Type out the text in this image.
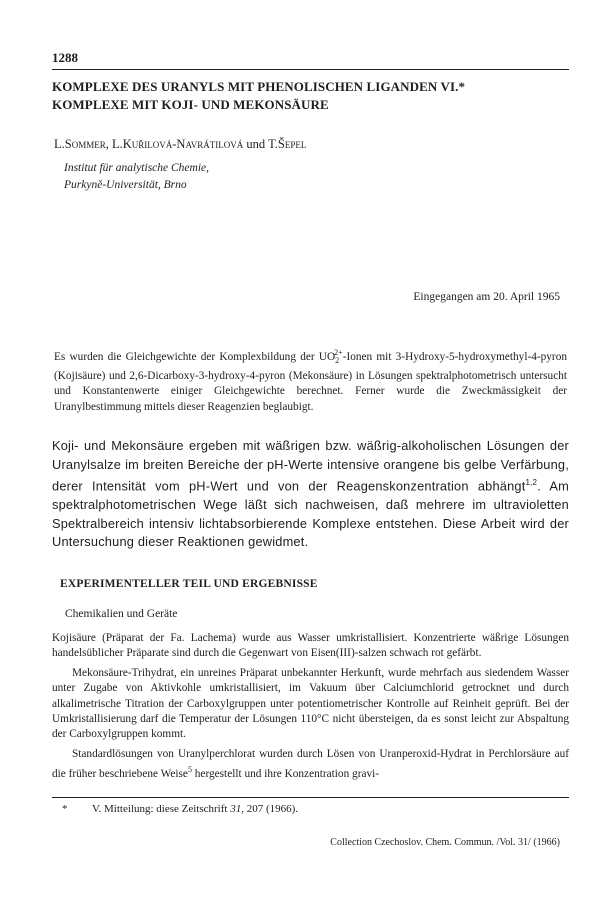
1288
KOMPLEXE DES URANYLS MIT PHENOLISCHEN LIGANDEN VI.*
KOMPLEXE MIT KOJI- UND MEKONSÄURE
L.Sommer, L.Kuřilová-Navrátilová und T.Šepel
Institut für analytische Chemie,
Purkyně-Universität, Brno
Eingegangen am 20. April 1965
Es wurden die Gleichgewichte der Komplexbildung der $UO_2^{2+}$-Ionen mit 3-Hydroxy-5-hydroxymethyl-4-pyron (Kojisäure) und 2,6-Dicarboxy-3-hydroxy-4-pyron (Mekonsäure) in Lösungen spektralphotometrisch untersucht und Konstantenwerte einiger Gleichgewichte berechnet. Ferner wurde die Zweckmässigkeit der Uranylbestimmung mittels dieser Reagenzien beglaubigt.
Koji- und Mekonsäure ergeben mit wäßrigen bzw. wäßrig-alkoholischen Lösungen der Uranylsalze im breiten Bereiche der pH-Werte intensive orangene bis gelbe Verfärbung, derer Intensität vom pH-Wert und von der Reagenskonzentration abhängt$^{1,2}$. Am spektralphotometrischen Wege läßt sich nachweisen, daß mehrere im ultravioletten Spektralbereich intensiv lichtabsorbierende Komplexe entstehen. Diese Arbeit wird der Untersuchung dieser Reaktionen gewidmet.
EXPERIMENTELLER TEIL UND ERGEBNISSE
Chemikalien und Geräte

Kojisäure (Präparat der Fa. Lachema) wurde aus Wasser umkristallisiert. Konzentrierte wäßrige Lösungen handelsüblicher Präparate sind durch die Gegenwart von Eisen(III)-salzen schwach rot gefärbt.

Mekonsäure-Trihydrat, ein unreines Präparat unbekannter Herkunft, wurde mehrfach aus siedendem Wasser unter Zugabe von Aktivkohle umkristallisiert, im Vakuum über Calciumchlorid getrocknet und durch alkalimetrische Titration der Carboxylgruppen unter potentiometrischer Kontrolle auf Reinheit geprüft. Bei der Umkristallisierung darf die Temperatur der Lösungen 110°C nicht übersteigen, da es sonst leicht zur Abspaltung der Carboxylgruppen kommt.

Standardlösungen von Uranylperchlorat wurden durch Lösen von Uranperoxid-Hydrat in Perchlorsäure auf die früher beschriebene Weise$^5$ hergestellt und ihre Konzentration gravi-

* V. Mitteilung: diese Zeitschrift 31, 207 (1966).
Collection Czechoslov. Chem. Commun. /Vol. 31/ (1966)
